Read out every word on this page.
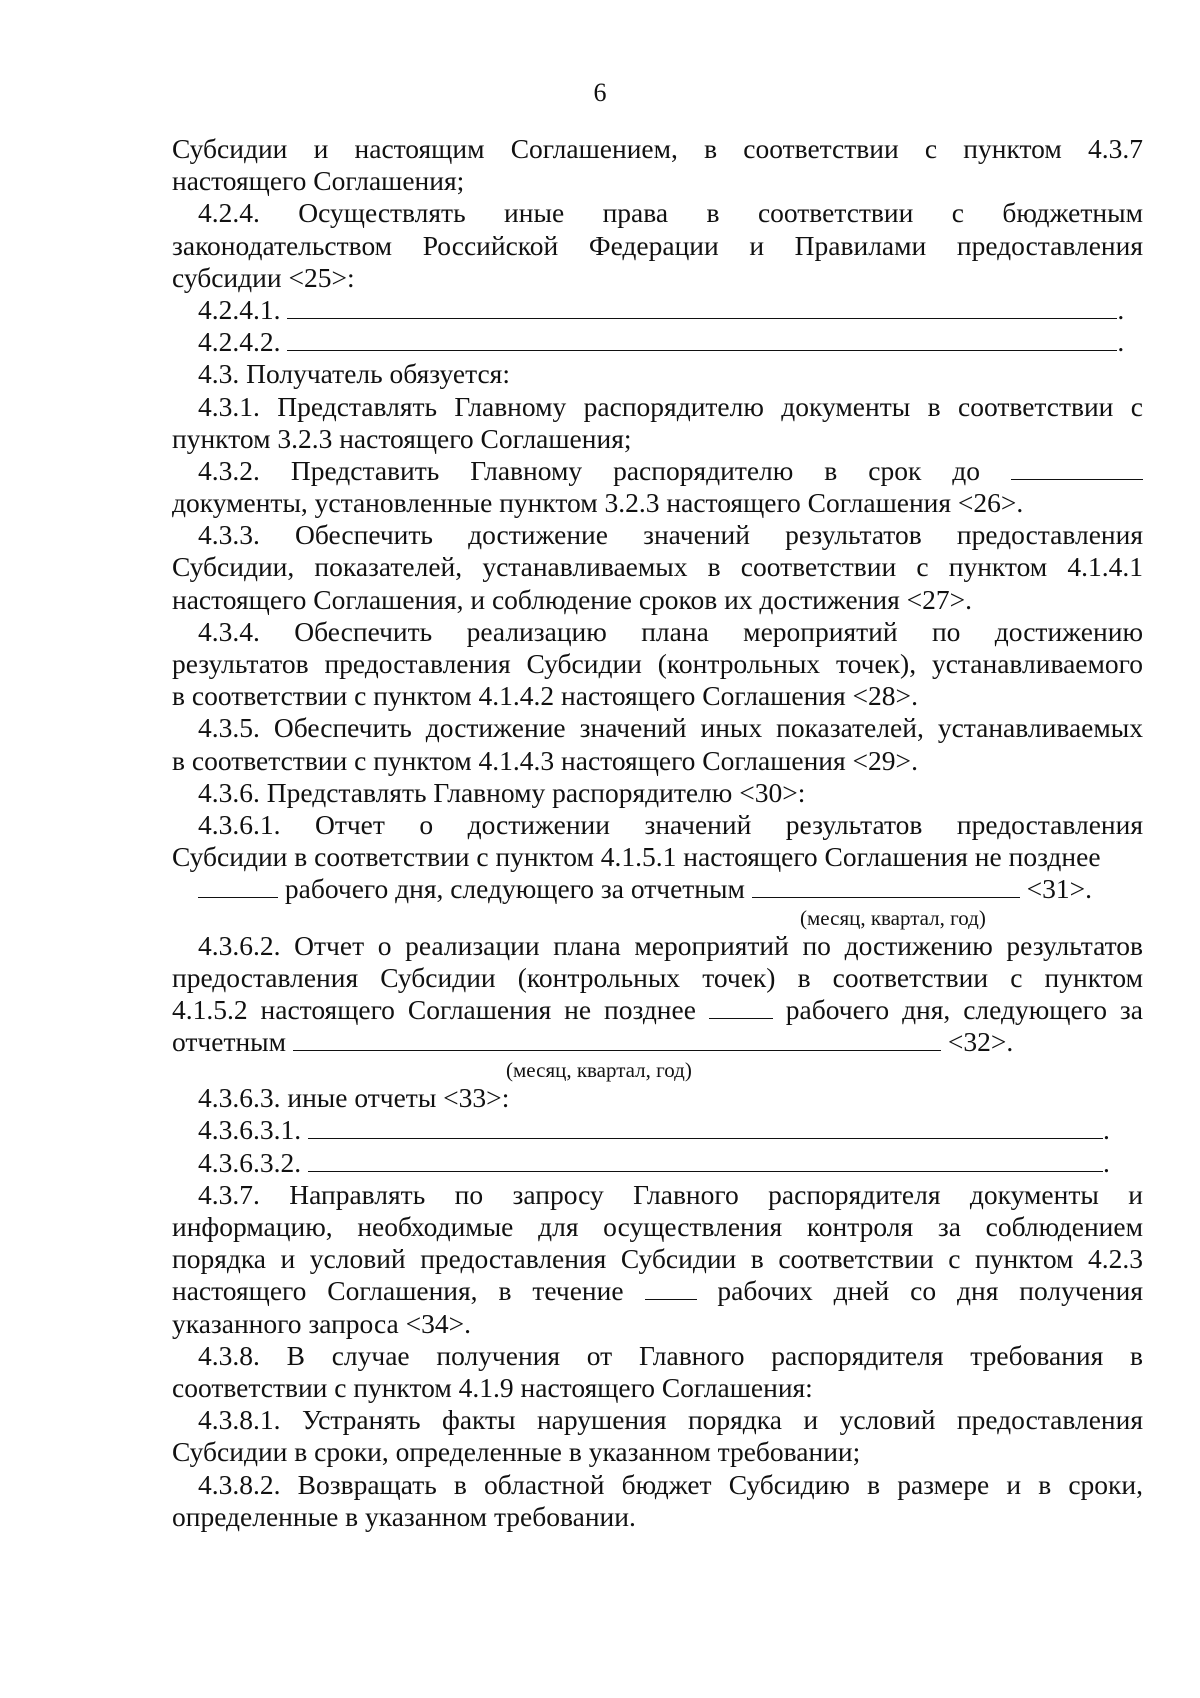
6
Субсидии и настоящим Соглашением, в соответствии с пунктом 4.3.7
настоящего Соглашения;
4.2.4. Осуществлять иные права в соответствии с бюджетным
законодательством Российской Федерации и Правилами предоставления
субсидии <25>:
4.2.4.1.	.
4.2.4.2.	.
4.3. Получатель обязуется:
4.3.1. Представлять Главному распорядителю документы в соответствии с
пунктом 3.2.3 настоящего Соглашения;
4.3.2. Представить Главному распорядителю в срок до
документы, установленные пунктом 3.2.3 настоящего Соглашения <26>.
4.3.3. Обеспечить достижение значений результатов предоставления
Субсидии, показателей, устанавливаемых в соответствии с пунктом 4.1.4.1
настоящего Соглашения, и соблюдение сроков их достижения <27>.
4.3.4. Обеспечить реализацию плана мероприятий по достижению
результатов предоставления Субсидии (контрольных точек), устанавливаемого
в соответствии с пунктом 4.1.4.2 настоящего Соглашения <28>.
4.3.5. Обеспечить достижение значений иных показателей, устанавливаемых
в соответствии с пунктом 4.1.4.3 настоящего Соглашения <29>.
4.3.6. Представлять Главному распорядителю <30>:
4.3.6.1. Отчет о достижении значений результатов предоставления
Субсидии в соответствии с пунктом 4.1.5.1 настоящего Соглашения не позднее
рабочего дня, следующего за отчетным	<31>.
(месяц, квартал, год)
4.3.6.2. Отчет о реализации плана мероприятий по достижению результатов
предоставления Субсидии (контрольных точек) в соответствии с пунктом
4.1.5.2 настоящего Соглашения не позднее	рабочего дня, следующего за
отчетным	<32>.
(месяц, квартал, год)
4.3.6.3. иные отчеты <33>:
4.3.6.3.1.	.
4.3.6.3.2.	.
4.3.7. Направлять по запросу Главного распорядителя документы и
информацию, необходимые для осуществления контроля за соблюдением
порядка и условий предоставления Субсидии в соответствии с пунктом 4.2.3
настоящего Соглашения, в течение	рабочих дней со дня получения
указанного запроса <34>.
4.3.8. В случае получения от Главного распорядителя требования в
соответствии с пунктом 4.1.9 настоящего Соглашения:
4.3.8.1. Устранять факты нарушения порядка и условий предоставления
Субсидии в сроки, определенные в указанном требовании;
4.3.8.2. Возвращать в областной бюджет Субсидию в размере и в сроки,
определенные в указанном требовании.
